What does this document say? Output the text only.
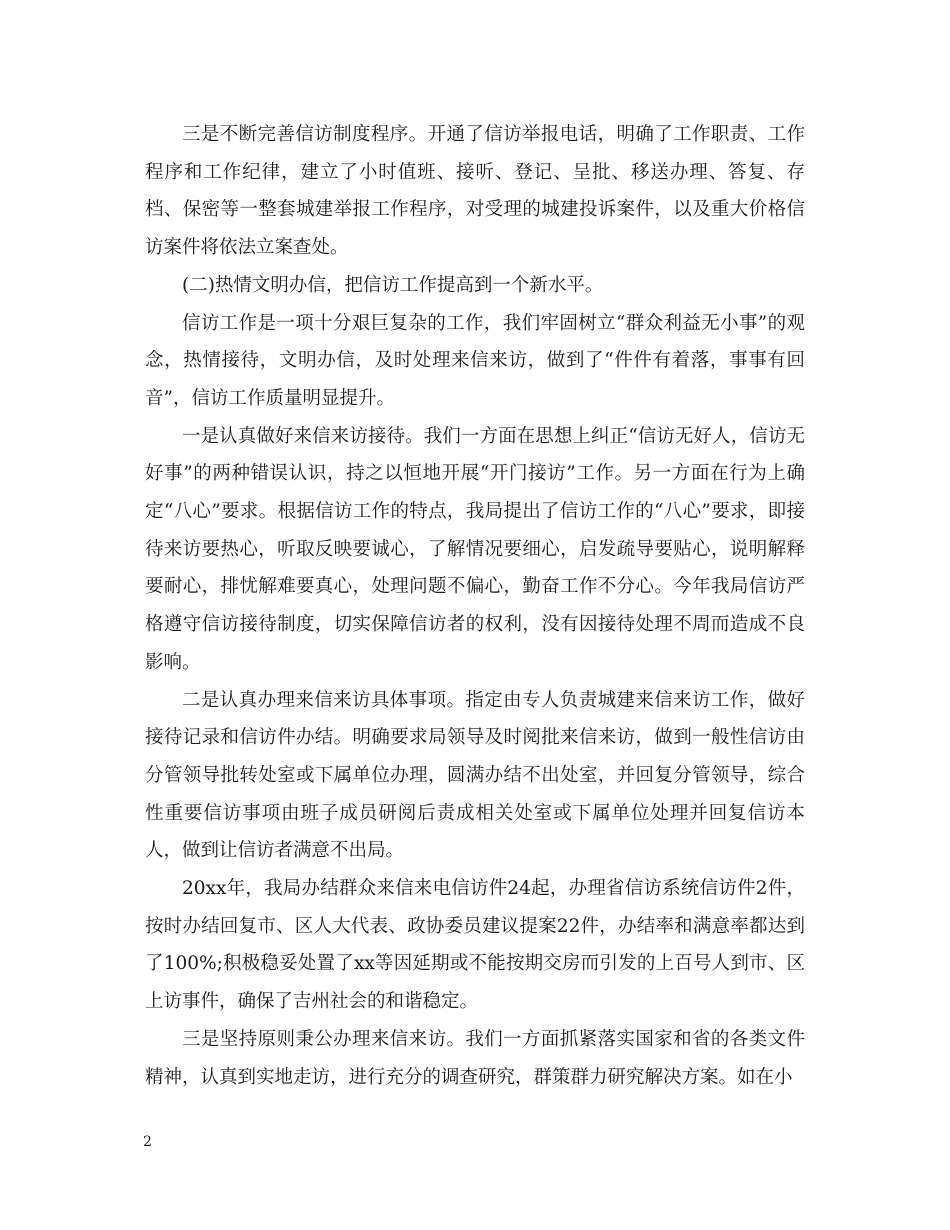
三是不断完善信访制度程序。开通了信访举报电话，明确了工作职责、工作程序和工作纪律，建立了小时值班、接听、登记、呈批、移送办理、答复、存档、保密等一整套城建举报工作程序，对受理的城建投诉案件，以及重大价格信访案件将依法立案查处。

(二)热情文明办信，把信访工作提高到一个新水平。

信访工作是一项十分艰巨复杂的工作，我们牢固树立“群众利益无小事”的观念，热情接待，文明办信，及时处理来信来访，做到了“件件有着落，事事有回音”，信访工作质量明显提升。

一是认真做好来信来访接待。我们一方面在思想上纠正“信访无好人，信访无好事”的两种错误认识，持之以恒地开展“开门接访”工作。另一方面在行为上确定“八心”要求。根据信访工作的特点，我局提出了信访工作的“八心”要求，即接待来访要热心，听取反映要诚心，了解情况要细心，启发疏导要贴心，说明解释要耐心，排忧解难要真心，处理问题不偏心，勤奋工作不分心。今年我局信访严格遵守信访接待制度，切实保障信访者的权利，没有因接待处理不周而造成不良影响。

二是认真办理来信来访具体事项。指定由专人负责城建来信来访工作，做好接待记录和信访件办结。明确要求局领导及时阅批来信来访，做到一般性信访由分管领导批转处室或下属单位办理，圆满办结不出处室，并回复分管领导，综合性重要信访事项由班子成员研阅后责成相关处室或下属单位处理并回复信访本人，做到让信访者满意不出局。

20xx年，我局办结群众来信来电信访件24起，办理省信访系统信访件2件，按时办结回复市、区人大代表、政协委员建议提案22件，办结率和满意率都达到了100%;积极稳妥处置了xx等因延期或不能按期交房而引发的上百号人到市、区上访事件，确保了吉州社会的和谐稳定。

三是坚持原则秉公办理来信来访。我们一方面抓紧落实国家和省的各类文件精神，认真到实地走访，进行充分的调查研究，群策群力研究解决方案。如在小

2
